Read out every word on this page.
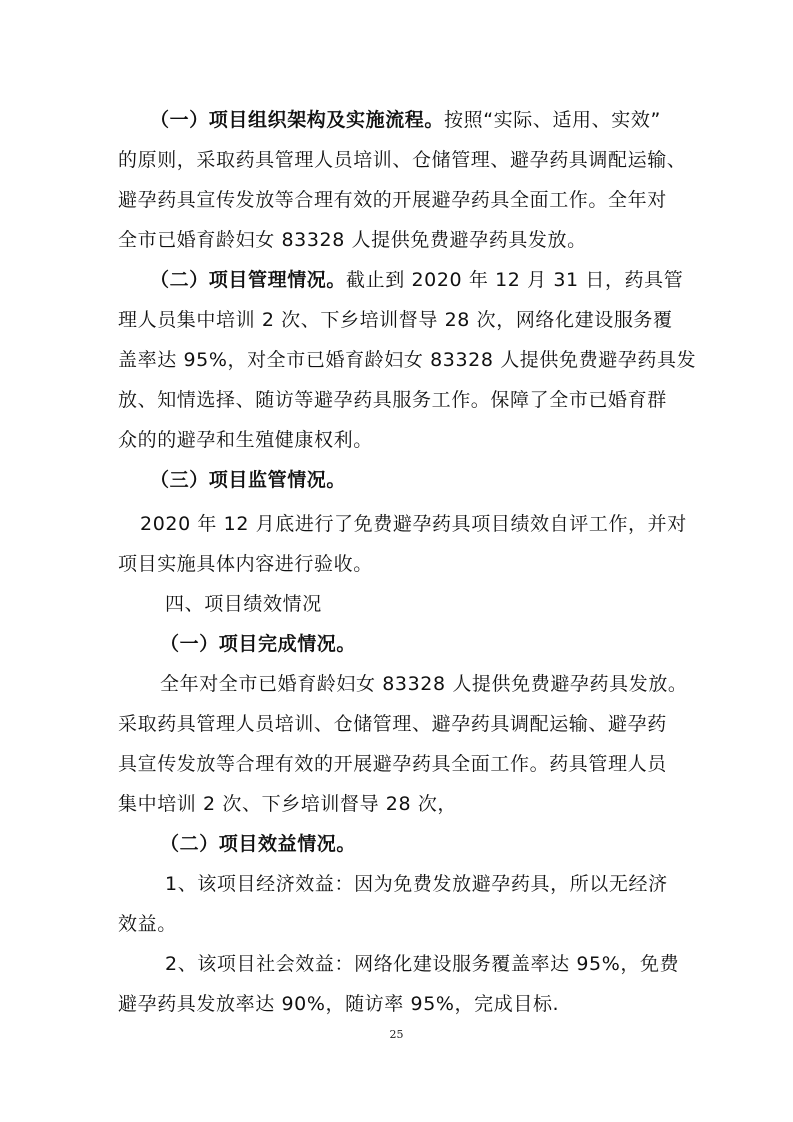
（一）项目组织架构及实施流程。按照“实际、适用、实效”
的原则，采取药具管理人员培训、仓储管理、避孕药具调配运输、
避孕药具宣传发放等合理有效的开展避孕药具全面工作。全年对
全市已婚育龄妇女 83328 人提供免费避孕药具发放。
（二）项目管理情况。截止到 2020 年 12 月 31 日，药具管
理人员集中培训 2 次、下乡培训督导 28 次，网络化建设服务覆
盖率达 95%，对全市已婚育龄妇女 83328 人提供免费避孕药具发
放、知情选择、随访等避孕药具服务工作。保障了全市已婚育群
众的的避孕和生殖健康权利。
（三）项目监管情况。
2020 年 12 月底进行了免费避孕药具项目绩效自评工作，并对
项目实施具体内容进行验收。
四、项目绩效情况
（一）项目完成情况。
全年对全市已婚育龄妇女 83328 人提供免费避孕药具发放。
采取药具管理人员培训、仓储管理、避孕药具调配运输、避孕药
具宣传发放等合理有效的开展避孕药具全面工作。药具管理人员
集中培训 2 次、下乡培训督导 28 次，
（二）项目效益情况。
1、该项目经济效益：因为免费发放避孕药具，所以无经济
效益。
2、该项目社会效益：网络化建设服务覆盖率达 95%，免费
避孕药具发放率达 90%，随访率 95%，完成目标.
25
